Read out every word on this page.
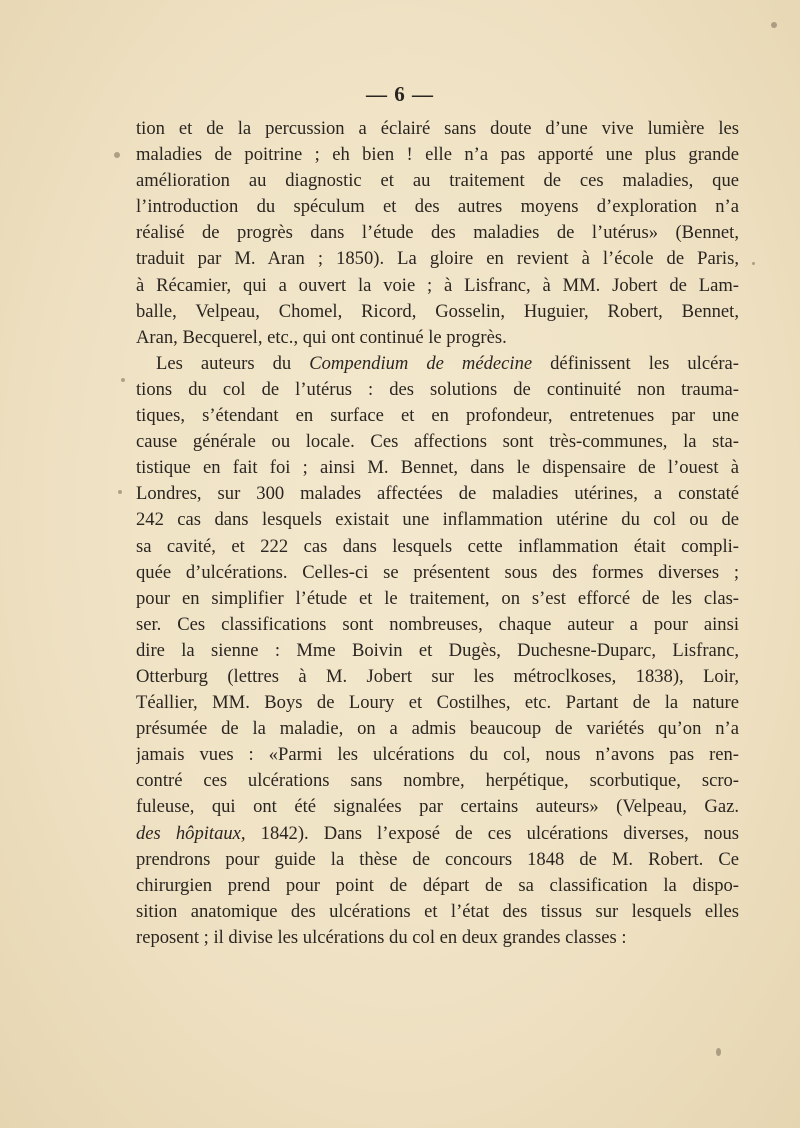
— 6 —
tion et de la percussion a éclairé sans doute d’une vive lumière les
maladies de poitrine ; eh bien ! elle n’a pas apporté une plus grande
amélioration au diagnostic et au traitement de ces maladies, que
l’introduction du spéculum et des autres moyens d’exploration n’a
réalisé de progrès dans l’étude des maladies de l’utérus» (Bennet,
traduit par M. Aran ; 1850). La gloire en revient à l’école de Paris,
à Récamier, qui a ouvert la voie ; à Lisfranc, à MM. Jobert de Lam-
balle, Velpeau, Chomel, Ricord, Gosselin, Huguier, Robert, Bennet,
Aran, Becquerel, etc., qui ont continué le progrès.
Les auteurs du Compendium de médecine définissent les ulcéra-
tions du col de l’utérus : des solutions de continuité non trauma-
tiques, s’étendant en surface et en profondeur, entretenues par une
cause générale ou locale. Ces affections sont très-communes, la sta-
tistique en fait foi ; ainsi M. Bennet, dans le dispensaire de l’ouest à
Londres, sur 300 malades affectées de maladies utérines, a constaté
242 cas dans lesquels existait une inflammation utérine du col ou de
sa cavité, et 222 cas dans lesquels cette inflammation était compli-
quée d’ulcérations. Celles-ci se présentent sous des formes diverses ;
pour en simplifier l’étude et le traitement, on s’est efforcé de les clas-
ser. Ces classifications sont nombreuses, chaque auteur a pour ainsi
dire la sienne : Mme Boivin et Dugès, Duchesne-Duparc, Lisfranc,
Otterburg (lettres à M. Jobert sur les métroclkoses, 1838), Loir,
Téallier, MM. Boys de Loury et Costilhes, etc. Partant de la nature
présumée de la maladie, on a admis beaucoup de variétés qu’on n’a
jamais vues : «Parmi les ulcérations du col, nous n’avons pas ren-
contré ces ulcérations sans nombre, herpétique, scorbutique, scro-
fuleuse, qui ont été signalées par certains auteurs» (Velpeau, Gaz.
des hôpitaux, 1842). Dans l’exposé de ces ulcérations diverses, nous
prendrons pour guide la thèse de concours 1848 de M. Robert. Ce
chirurgien prend pour point de départ de sa classification la dispo-
sition anatomique des ulcérations et l’état des tissus sur lesquels elles
reposent ; il divise les ulcérations du col en deux grandes classes :
